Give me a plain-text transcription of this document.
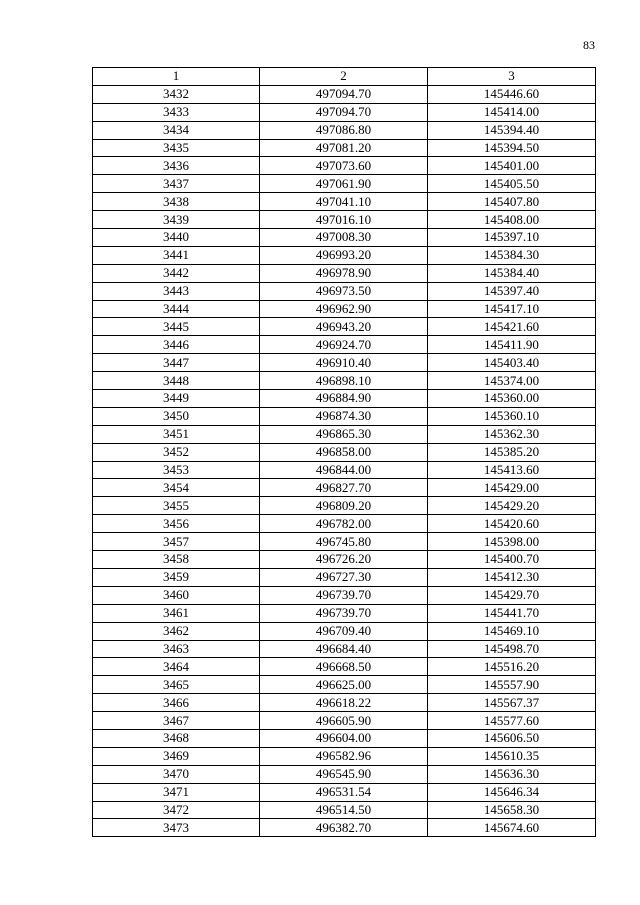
83
1	2	3
3432	497094.70	145446.60
3433	497094.70	145414.00
3434	497086.80	145394.40
3435	497081.20	145394.50
3436	497073.60	145401.00
3437	497061.90	145405.50
3438	497041.10	145407.80
3439	497016.10	145408.00
3440	497008.30	145397.10
3441	496993.20	145384.30
3442	496978.90	145384.40
3443	496973.50	145397.40
3444	496962.90	145417.10
3445	496943.20	145421.60
3446	496924.70	145411.90
3447	496910.40	145403.40
3448	496898.10	145374.00
3449	496884.90	145360.00
3450	496874.30	145360.10
3451	496865.30	145362.30
3452	496858.00	145385.20
3453	496844.00	145413.60
3454	496827.70	145429.00
3455	496809.20	145429.20
3456	496782.00	145420.60
3457	496745.80	145398.00
3458	496726.20	145400.70
3459	496727.30	145412.30
3460	496739.70	145429.70
3461	496739.70	145441.70
3462	496709.40	145469.10
3463	496684.40	145498.70
3464	496668.50	145516.20
3465	496625.00	145557.90
3466	496618.22	145567.37
3467	496605.90	145577.60
3468	496604.00	145606.50
3469	496582.96	145610.35
3470	496545.90	145636.30
3471	496531.54	145646.34
3472	496514.50	145658.30
3473	496382.70	145674.60
